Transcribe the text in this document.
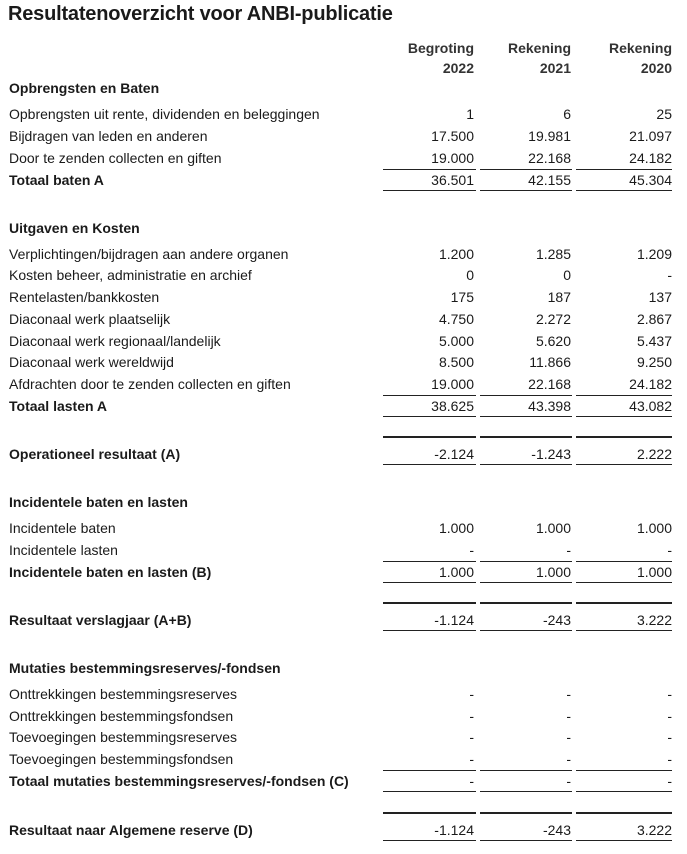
Resultatenoverzicht voor ANBI-publicatie
Begroting
2022
Rekening
2021
Rekening
2020
Opbrengsten en Baten
Opbrengsten uit rente, dividenden en beleggingen	1	6	25
Bijdragen van leden en anderen	17.500	19.981	21.097
Door te zenden collecten en giften	19.000	22.168	24.182
Totaal baten A	36.501	42.155	45.304
Uitgaven en Kosten
Verplichtingen/bijdragen aan andere organen	1.200	1.285	1.209
Kosten beheer, administratie en archief	0	0	-
Rentelasten/bankkosten	175	187	137
Diaconaal werk plaatselijk	4.750	2.272	2.867
Diaconaal werk regionaal/landelijk	5.000	5.620	5.437
Diaconaal werk wereldwijd	8.500	11.866	9.250
Afdrachten door te zenden collecten en giften	19.000	22.168	24.182
Totaal lasten A	38.625	43.398	43.082
Operationeel resultaat (A)	-2.124	-1.243	2.222
Incidentele baten en lasten
Incidentele baten	1.000	1.000	1.000
Incidentele lasten	-	-	-
Incidentele baten en lasten (B)	1.000	1.000	1.000
Resultaat verslagjaar (A+B)	-1.124	-243	3.222
Mutaties bestemmingsreserves/-fondsen
Onttrekkingen bestemmingsreserves	-	-	-
Onttrekkingen bestemmingsfondsen	-	-	-
Toevoegingen bestemmingsreserves	-	-	-
Toevoegingen bestemmingsfondsen	-	-	-
Totaal mutaties bestemmingsreserves/-fondsen (C)	-	-	-
Resultaat naar Algemene reserve (D)	-1.124	-243	3.222
